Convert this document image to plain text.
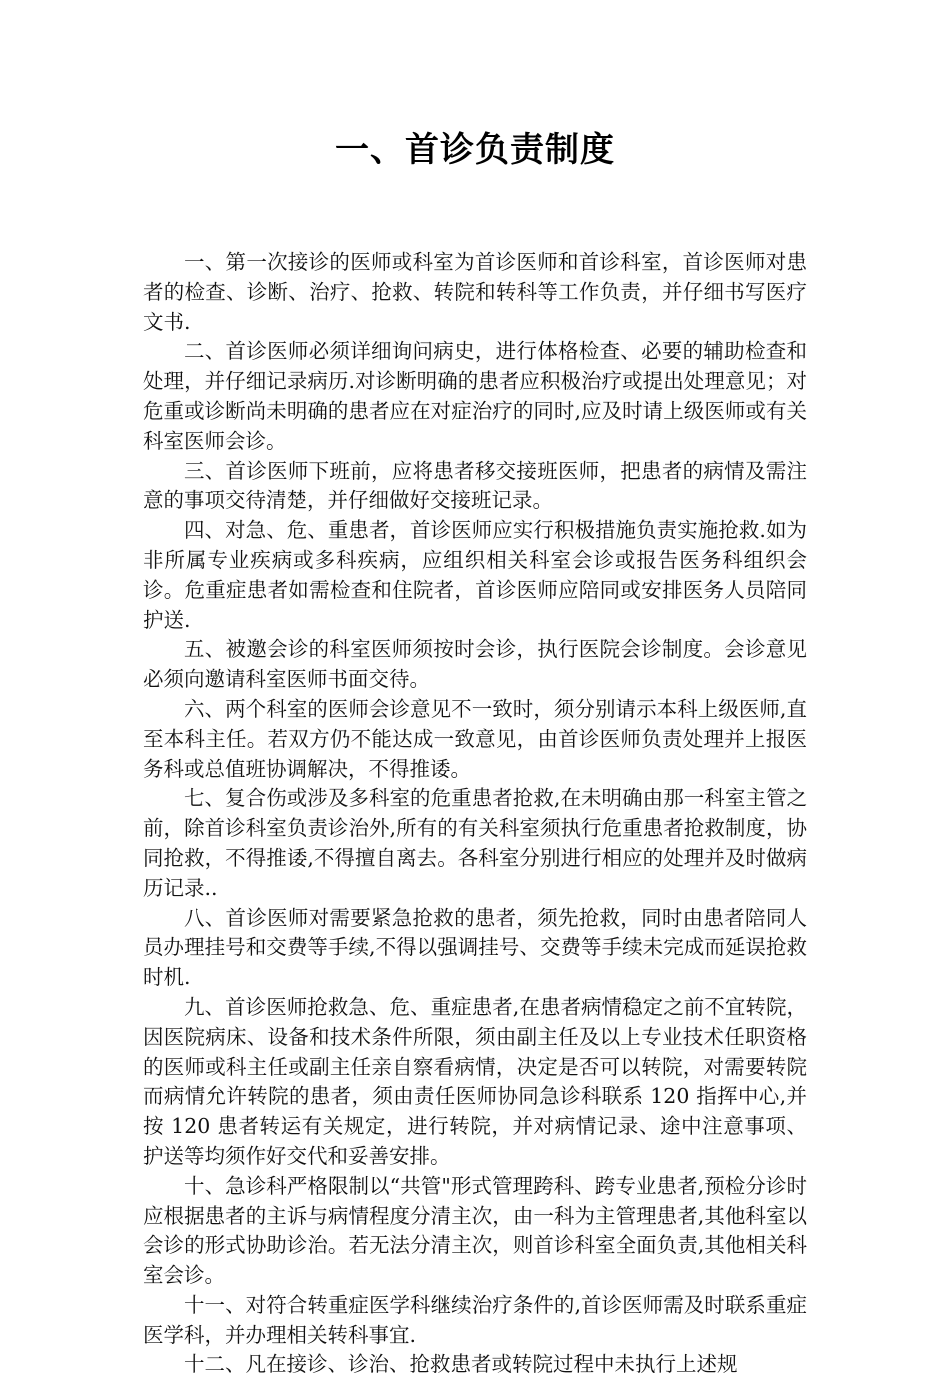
一、首诊负责制度

一、第一次接诊的医师或科室为首诊医师和首诊科室，首诊医师对患者的检查、诊断、治疗、抢救、转院和转科等工作负责，并仔细书写医疗文书.

二、首诊医师必须详细询问病史，进行体格检查、必要的辅助检查和处理，并仔细记录病历.对诊断明确的患者应积极治疗或提出处理意见；对危重或诊断尚未明确的患者应在对症治疗的同时,应及时请上级医师或有关科室医师会诊。

三、首诊医师下班前，应将患者移交接班医师，把患者的病情及需注意的事项交待清楚，并仔细做好交接班记录。

四、对急、危、重患者，首诊医师应实行积极措施负责实施抢救.如为非所属专业疾病或多科疾病，应组织相关科室会诊或报告医务科组织会诊。危重症患者如需检查和住院者，首诊医师应陪同或安排医务人员陪同护送.

五、被邀会诊的科室医师须按时会诊，执行医院会诊制度。会诊意见必须向邀请科室医师书面交待。

六、两个科室的医师会诊意见不一致时，须分别请示本科上级医师,直至本科主任。若双方仍不能达成一致意见，由首诊医师负责处理并上报医务科或总值班协调解决，不得推诿。

七、复合伤或涉及多科室的危重患者抢救,在未明确由那一科室主管之前，除首诊科室负责诊治外,所有的有关科室须执行危重患者抢救制度，协同抢救，不得推诿,不得擅自离去。各科室分别进行相应的处理并及时做病历记录..

八、首诊医师对需要紧急抢救的患者，须先抢救，同时由患者陪同人员办理挂号和交费等手续,不得以强调挂号、交费等手续未完成而延误抢救时机.

九、首诊医师抢救急、危、重症患者,在患者病情稳定之前不宜转院，因医院病床、设备和技术条件所限，须由副主任及以上专业技术任职资格的医师或科主任或副主任亲自察看病情，决定是否可以转院，对需要转院而病情允许转院的患者，须由责任医师协同急诊科联系 120 指挥中心,并按 120 患者转运有关规定，进行转院，并对病情记录、途中注意事项、护送等均须作好交代和妥善安排。

十、急诊科严格限制以“共管"形式管理跨科、跨专业患者,预检分诊时应根据患者的主诉与病情程度分清主次，由一科为主管理患者,其他科室以会诊的形式协助诊治。若无法分清主次，则首诊科室全面负责,其他相关科室会诊。

十一、对符合转重症医学科继续治疗条件的,首诊医师需及时联系重症医学科，并办理相关转科事宜.

十二、凡在接诊、诊治、抢救患者或转院过程中未执行上述规
